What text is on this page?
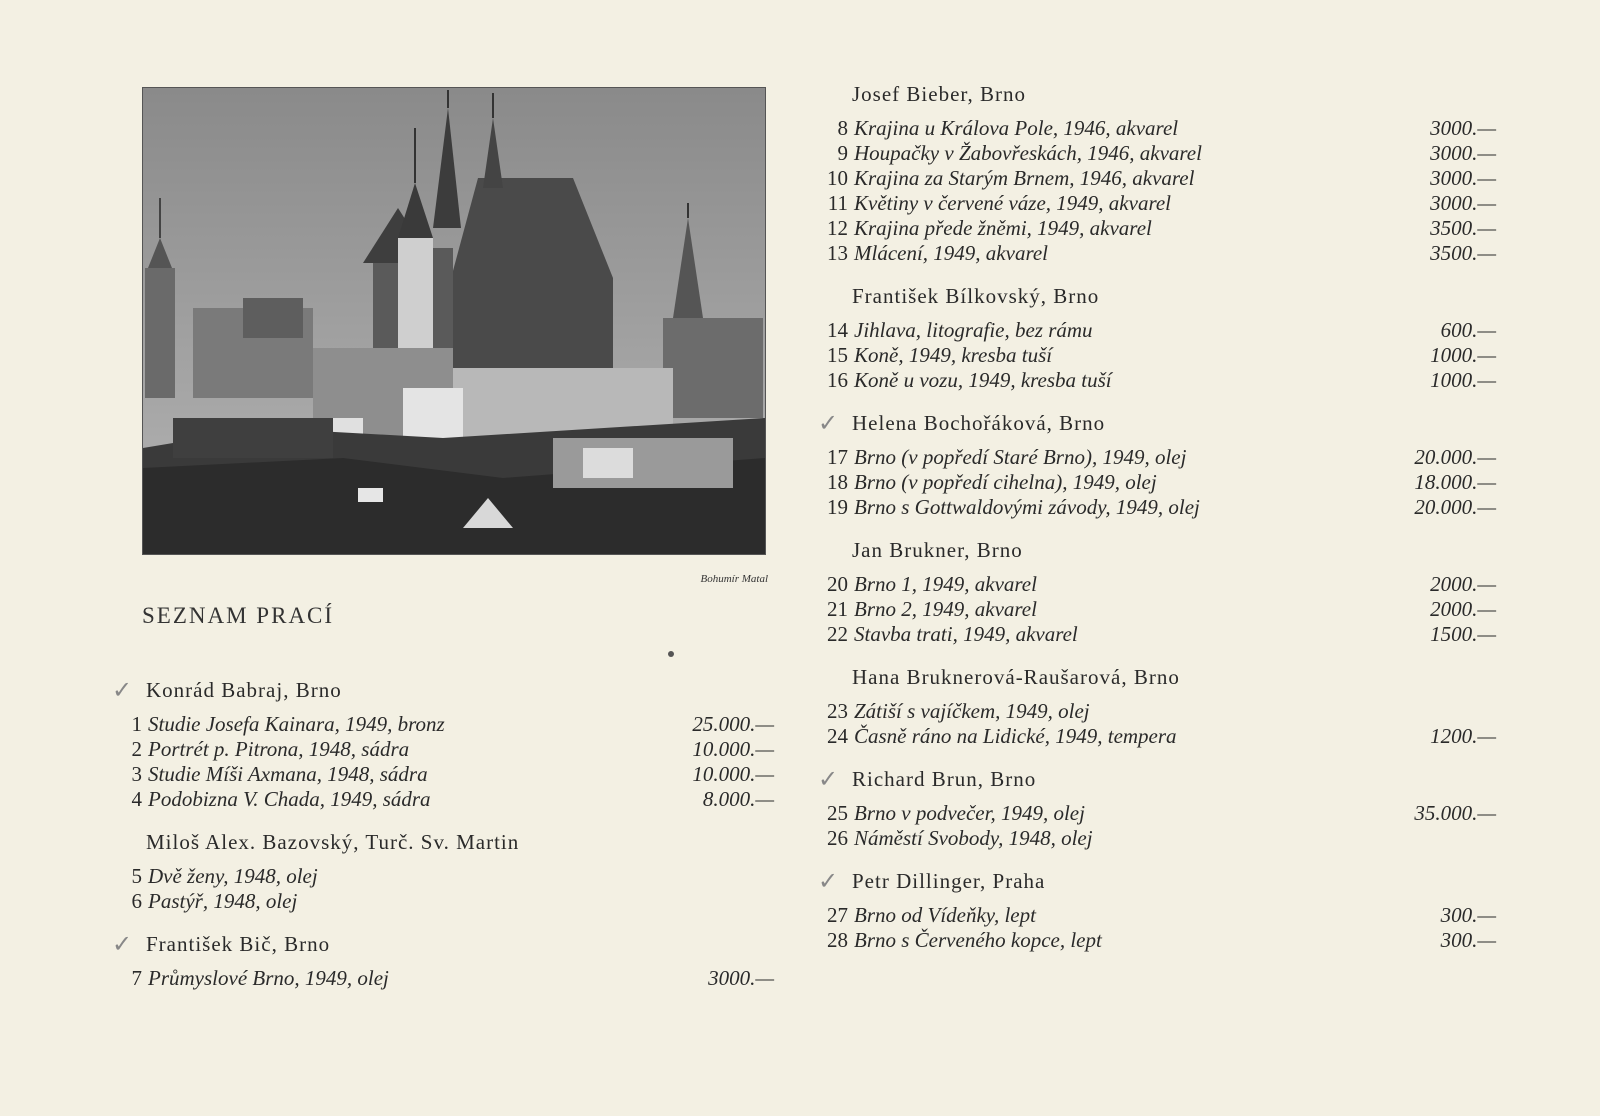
Bohumír Matal
SEZNAM PRACÍ
✓ Konrád Babraj, Brno
1 Studie Josefa Kainara, 1949, bronz	25.000.—
2 Portrét p. Pitrona, 1948, sádra	10.000.—
3 Studie Míši Axmana, 1948, sádra	10.000.—
4 Podobizna V. Chada, 1949, sádra	8.000.—
Miloš Alex. Bazovský, Turč. Sv. Martin
5 Dvě ženy, 1948, olej
6 Pastýř, 1948, olej
✓ František Bič, Brno
7 Průmyslové Brno, 1949, olej	3000.—
Josef Bieber, Brno
8 Krajina u Králova Pole, 1946, akvarel	3000.—
9 Houpačky v Žabovřeskách, 1946, akvarel	3000.—
10 Krajina za Starým Brnem, 1946, akvarel	3000.—
11 Květiny v červené váze, 1949, akvarel	3000.—
12 Krajina přede žněmi, 1949, akvarel	3500.—
13 Mlácení, 1949, akvarel	3500.—
František Bílkovský, Brno
14 Jihlava, litografie, bez rámu	600.—
15 Koně, 1949, kresba tuší	1000.—
16 Koně u vozu, 1949, kresba tuší	1000.—
✓ Helena Bochořáková, Brno
17 Brno (v popředí Staré Brno), 1949, olej	20.000.—
18 Brno (v popředí cihelna), 1949, olej	18.000.—
19 Brno s Gottwaldovými závody, 1949, olej	20.000.—
Jan Brukner, Brno
20 Brno 1, 1949, akvarel	2000.—
21 Brno 2, 1949, akvarel	2000.—
22 Stavba trati, 1949, akvarel	1500.—
Hana Bruknerová-Raušarová, Brno
23 Zátiší s vajíčkem, 1949, olej
24 Časně ráno na Lidické, 1949, tempera	1200.—
✓ Richard Brun, Brno
25 Brno v podvečer, 1949, olej	35.000.—
26 Náměstí Svobody, 1948, olej
✓ Petr Dillinger, Praha
27 Brno od Vídeňky, lept	300.—
28 Brno s Červeného kopce, lept	300.—
